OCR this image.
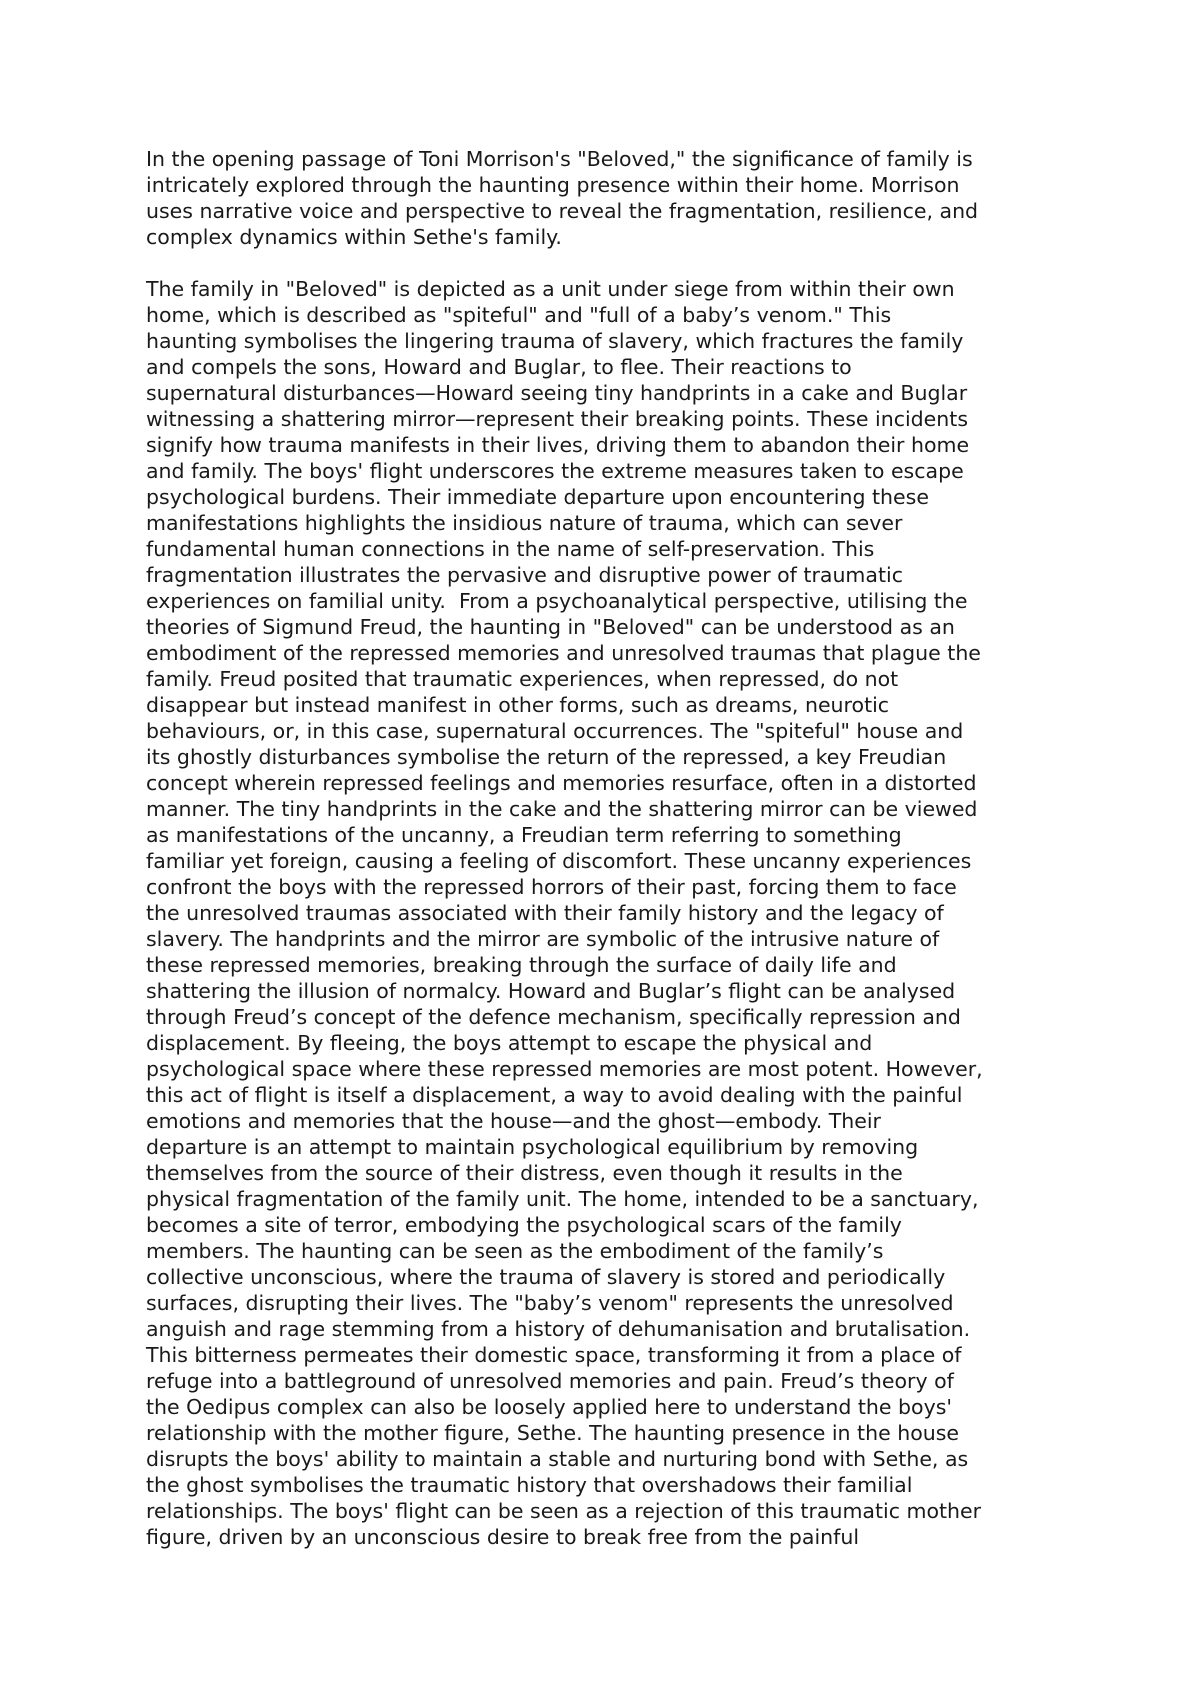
In the opening passage of Toni Morrison's "Beloved," the significance of family is
intricately explored through the haunting presence within their home. Morrison
uses narrative voice and perspective to reveal the fragmentation, resilience, and
complex dynamics within Sethe's family.
The family in "Beloved" is depicted as a unit under siege from within their own
home, which is described as "spiteful" and "full of a baby’s venom." This
haunting symbolises the lingering trauma of slavery, which fractures the family
and compels the sons, Howard and Buglar, to flee. Their reactions to
supernatural disturbances—Howard seeing tiny handprints in a cake and Buglar
witnessing a shattering mirror—represent their breaking points. These incidents
signify how trauma manifests in their lives, driving them to abandon their home
and family. The boys' flight underscores the extreme measures taken to escape
psychological burdens. Their immediate departure upon encountering these
manifestations highlights the insidious nature of trauma, which can sever
fundamental human connections in the name of self-preservation. This
fragmentation illustrates the pervasive and disruptive power of traumatic
experiences on familial unity.  From a psychoanalytical perspective, utilising the
theories of Sigmund Freud, the haunting in "Beloved" can be understood as an
embodiment of the repressed memories and unresolved traumas that plague the
family. Freud posited that traumatic experiences, when repressed, do not
disappear but instead manifest in other forms, such as dreams, neurotic
behaviours, or, in this case, supernatural occurrences. The "spiteful" house and
its ghostly disturbances symbolise the return of the repressed, a key Freudian
concept wherein repressed feelings and memories resurface, often in a distorted
manner. The tiny handprints in the cake and the shattering mirror can be viewed
as manifestations of the uncanny, a Freudian term referring to something
familiar yet foreign, causing a feeling of discomfort. These uncanny experiences
confront the boys with the repressed horrors of their past, forcing them to face
the unresolved traumas associated with their family history and the legacy of
slavery. The handprints and the mirror are symbolic of the intrusive nature of
these repressed memories, breaking through the surface of daily life and
shattering the illusion of normalcy. Howard and Buglar’s flight can be analysed
through Freud’s concept of the defence mechanism, specifically repression and
displacement. By fleeing, the boys attempt to escape the physical and
psychological space where these repressed memories are most potent. However,
this act of flight is itself a displacement, a way to avoid dealing with the painful
emotions and memories that the house—and the ghost—embody. Their
departure is an attempt to maintain psychological equilibrium by removing
themselves from the source of their distress, even though it results in the
physical fragmentation of the family unit. The home, intended to be a sanctuary,
becomes a site of terror, embodying the psychological scars of the family
members. The haunting can be seen as the embodiment of the family’s
collective unconscious, where the trauma of slavery is stored and periodically
surfaces, disrupting their lives. The "baby’s venom" represents the unresolved
anguish and rage stemming from a history of dehumanisation and brutalisation.
This bitterness permeates their domestic space, transforming it from a place of
refuge into a battleground of unresolved memories and pain. Freud’s theory of
the Oedipus complex can also be loosely applied here to understand the boys'
relationship with the mother figure, Sethe. The haunting presence in the house
disrupts the boys' ability to maintain a stable and nurturing bond with Sethe, as
the ghost symbolises the traumatic history that overshadows their familial
relationships. The boys' flight can be seen as a rejection of this traumatic mother
figure, driven by an unconscious desire to break free from the painful
